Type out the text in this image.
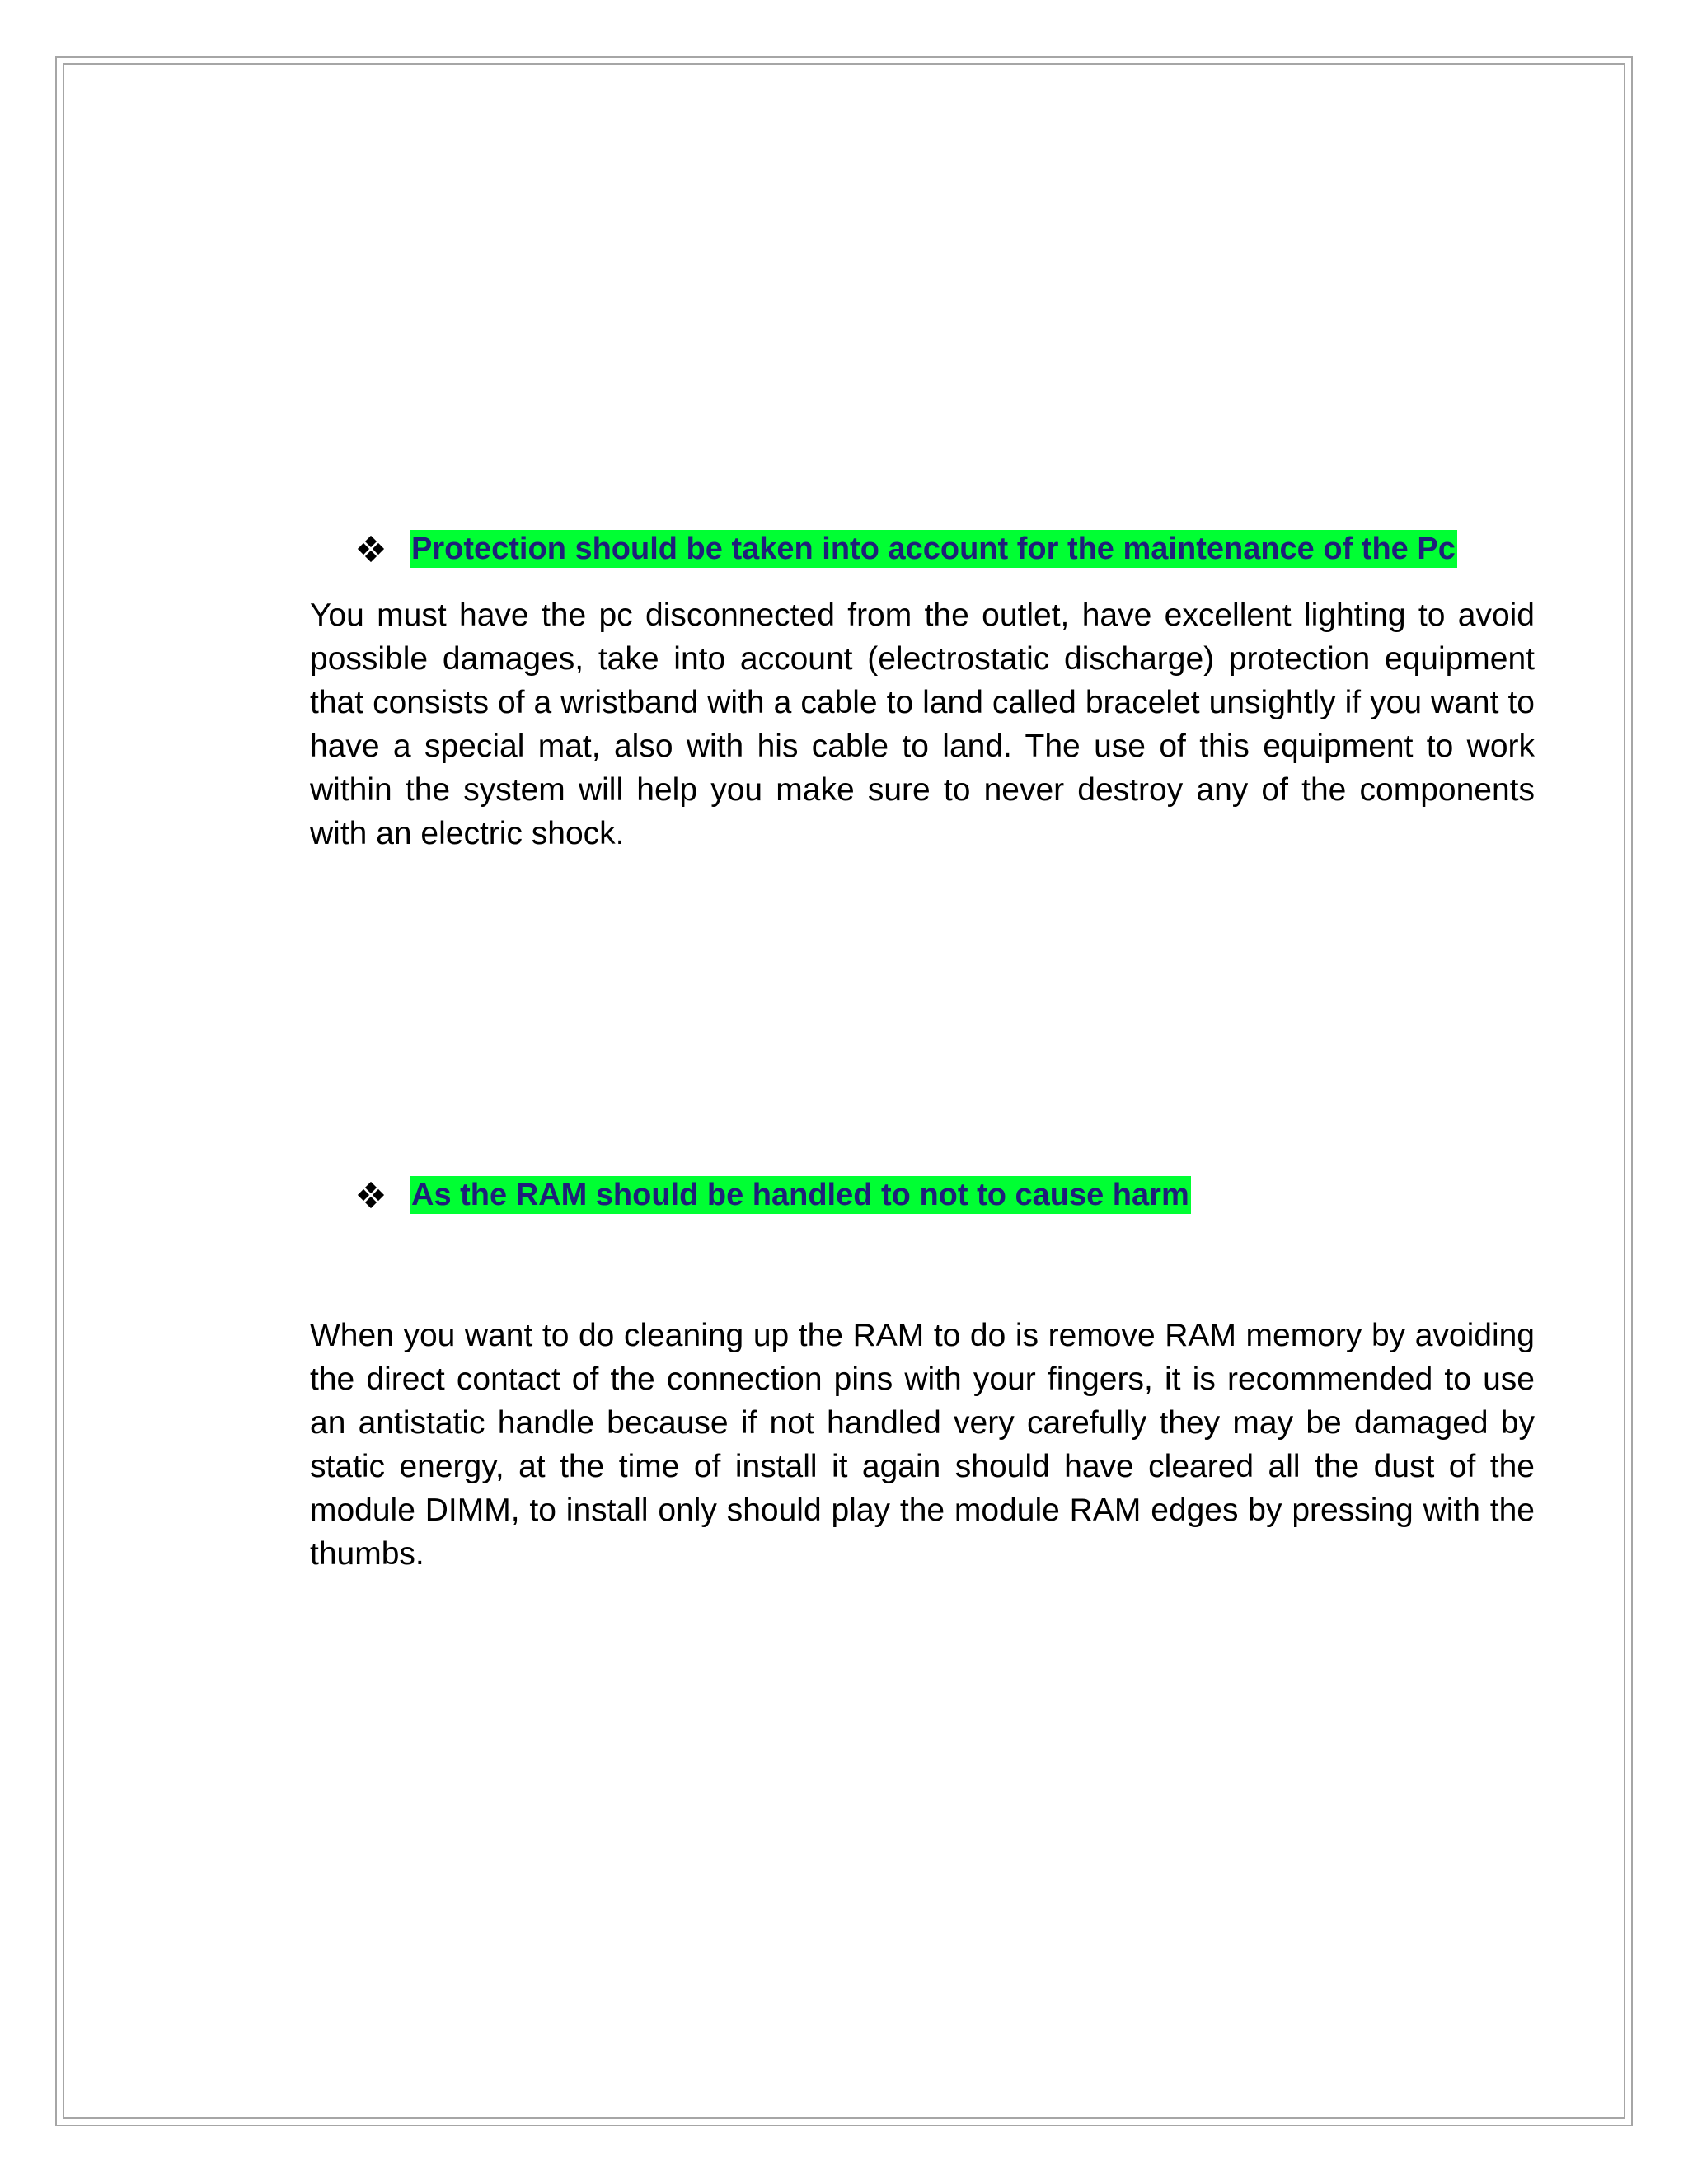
Protection should be taken into account for the maintenance of the Pc

You must have the pc disconnected from the outlet, have excellent lighting to avoid possible damages, take into account (electrostatic discharge) protection equipment that consists of a wristband with a cable to land called bracelet unsightly if you want to have a special mat, also with his cable to land. The use of this equipment to work within the system will help you make sure to never destroy any of the components with an electric shock.

As the RAM should be handled to not to cause harm

When you want to do cleaning up the RAM to do is remove RAM memory by avoiding the direct contact of the connection pins with your fingers, it is recommended to use an antistatic handle because if not handled very carefully they may be damaged by static energy, at the time of install it again should have cleared all the dust of the module DIMM, to install only should play the module RAM edges by pressing with the thumbs.
